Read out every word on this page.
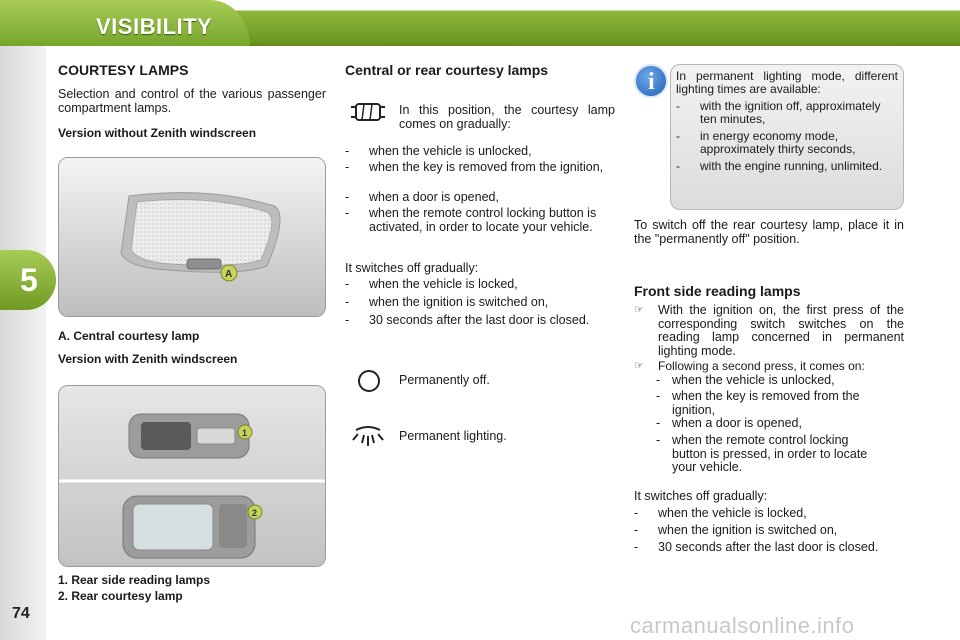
VISIBILITY
5
74
COURTESY LAMPS
Selection and control of the various passenger compartment lamps.
Version without Zenith windscreen
A
A. Central courtesy lamp
Version with Zenith windscreen
1
2
1. Rear side reading lamps
2. Rear courtesy lamp
Central or rear courtesy lamps
In this position, the courtesy lamp comes on gradually:
-	when the vehicle is unlocked,
-	when the key is removed from the ignition,
-	when a door is opened,
-	when the remote control locking button is activated, in order to locate your vehicle.
It switches off gradually:
-	when the vehicle is locked,
-	when the ignition is switched on,
-	30 seconds after the last door is closed.
Permanently off.
Permanent lighting.
i In permanent lighting mode, different lighting times are available:
-	with the ignition off, approximately ten minutes,
-	in energy economy mode, approximately thirty seconds,
-	with the engine running, unlimited.
To switch off the rear courtesy lamp, place it in the "permanently off" position.
Front side reading lamps
☞	With the ignition on, the first press of the corresponding switch switches on the reading lamp concerned in permanent lighting mode.
☞	Following a second press, it comes on:
- when the vehicle is unlocked,
- when the key is removed from the ignition,
- when a door is opened,
- when the remote control locking button is pressed, in order to locate your vehicle.
It switches off gradually:
-	when the vehicle is locked,
-	when the ignition is switched on,
-	30 seconds after the last door is closed.
carmanualsonline.info
